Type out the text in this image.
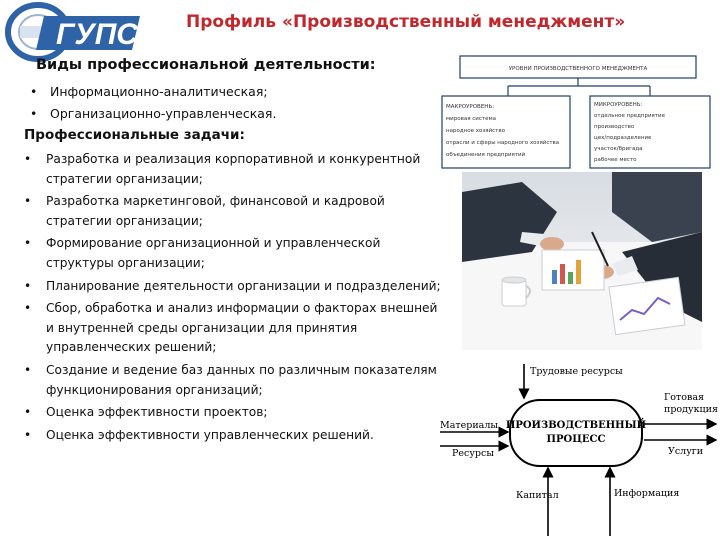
ГУПС	Профиль «Производственный менеджмент»
Виды профессиональной деятельности:
• Информационно-аналитическая;
• Организационно-управленческая.
Профессиональные задачи:
• Разработка и реализация корпоративной и конкурентной стратегии организации;
• Разработка маркетинговой, финансовой и кадровой стратегии организации;
• Формирование организационной и управленческой структуры организации;
• Планирование деятельности организации и подразделений;
• Сбор, обработка и анализ информации о факторах внешней и внутренней среды организации для принятия управленческих решений;
• Создание и ведение баз данных по различным показателям функционирования организаций;
• Оценка эффективности проектов;
• Оценка эффективности управленческих решений.
УРОВНИ ПРОИЗВОДСТВЕННОГО МЕНЕДЖМЕНТА
МАКРОУРОВЕНЬ:
мировая система
народное хозяйство
отрасли и сферы народного хозяйства
объединения предприятий
МИКРОУРОВЕНЬ:
отдельное предприятие
производство
цех/подразделение
участок/бригада
рабочее место
ПРОИЗВОДСТВЕННЫЙ
ПРОЦЕСС
Трудовые ресурсы
Материалы
Ресурсы
Капитал	Информация
Готовая
продукция
Услуги
